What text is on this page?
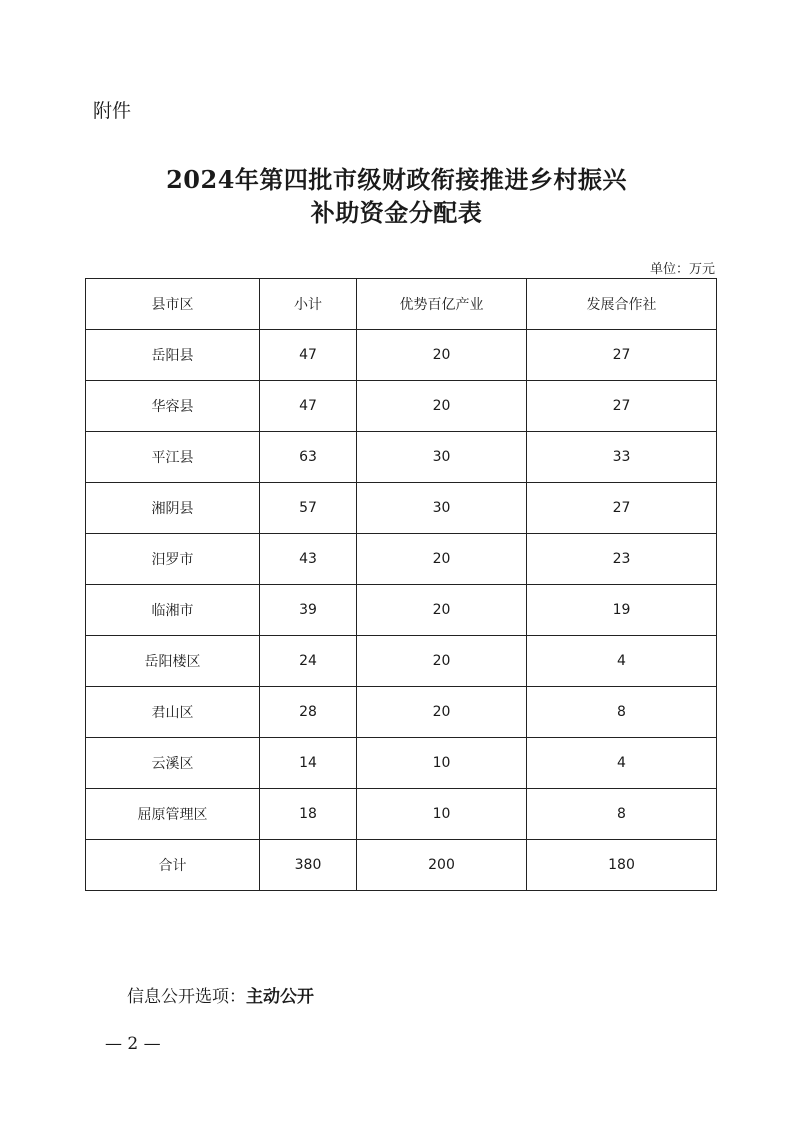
附件
2024年第四批市级财政衔接推进乡村振兴
补助资金分配表
单位：万元
县市区	小计	优势百亿产业	发展合作社
岳阳县	47	20	27
华容县	47	20	27
平江县	63	30	33
湘阴县	57	30	27
汨罗市	43	20	23
临湘市	39	20	19
岳阳楼区	24	20	4
君山区	28	20	8
云溪区	14	10	4
屈原管理区	18	10	8
合计	380	200	180
信息公开选项：主动公开
— 2 —
